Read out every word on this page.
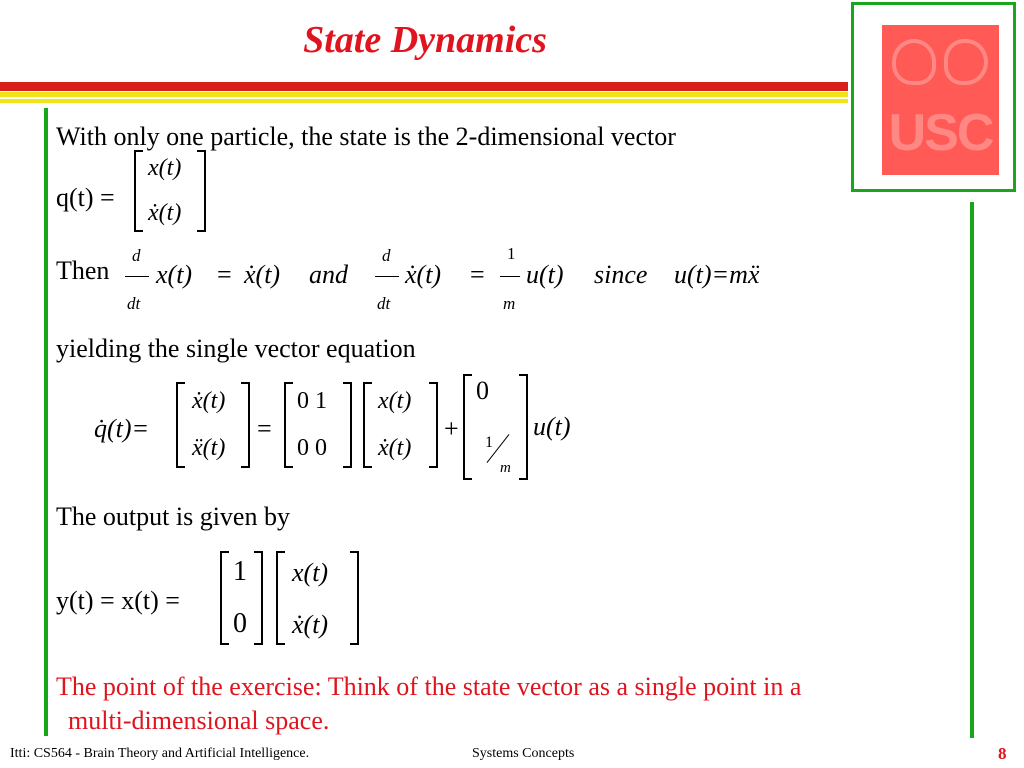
State Dynamics
USC
With only one particle, the state is the 2-dimensional vector
q(t) =
x(t)
ẋ(t)
Then
d
dt
x(t) = ẋ(t) and
d
dt
ẋ(t) =
1
m
u(t) since u(t)=mẍ
yielding the single vector equation
q̇(t)=
ẋ(t)
ẍ(t)
=
0 1
0 0
x(t)
ẋ(t)
+
0
1
m
u(t)
The output is given by
y(t) = x(t) =
1
0
x(t)
ẋ(t)
The point of the exercise: Think of the state vector as a single point in a
multi-dimensional space.
Itti: CS564 - Brain Theory and Artificial Intelligence.	Systems Concepts	8
